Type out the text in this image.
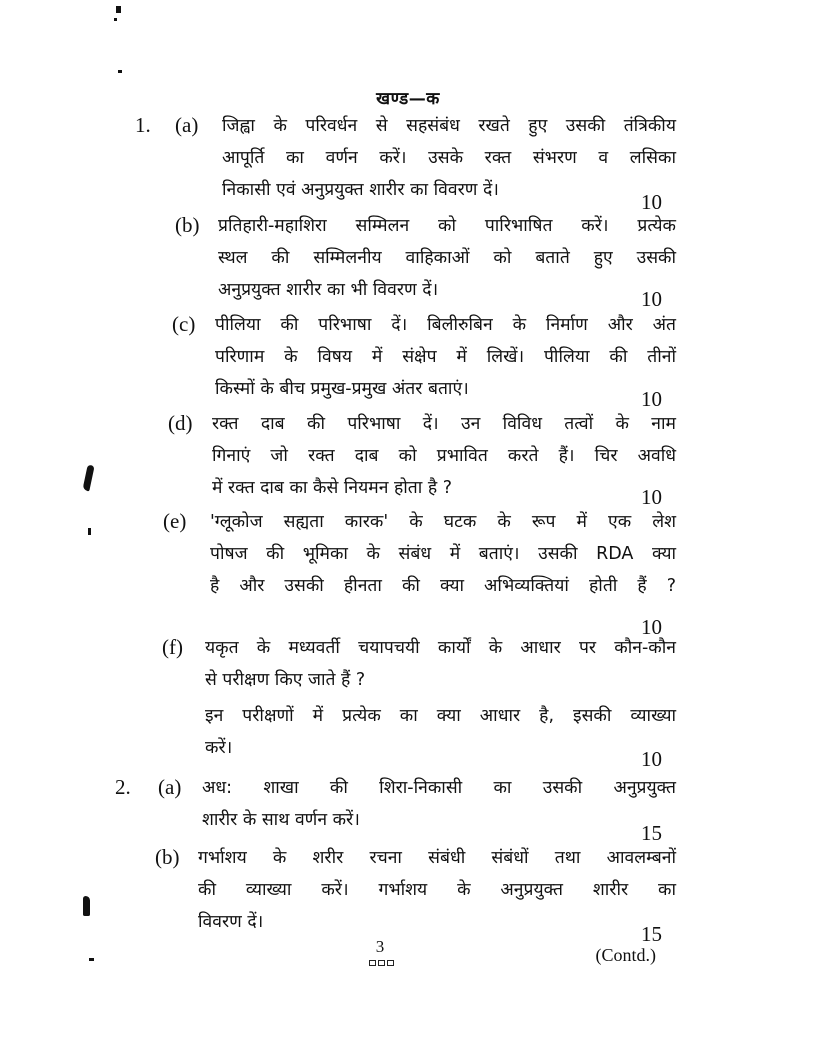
खण्ड—क
1. (a) जिह्वा के परिवर्धन से सहसंबंध रखते हुए उसकी तंत्रिकीय
आपूर्ति का वर्णन करें। उसके रक्त संभरण व लसिका
निकासी एवं अनुप्रयुक्त शारीर का विवरण दें।	10
(b) प्रतिहारी-महाशिरा सम्मिलन को पारिभाषित करें। प्रत्येक
स्थल की सम्मिलनीय वाहिकाओं को बताते हुए उसकी
अनुप्रयुक्त शारीर का भी विवरण दें।	10
(c) पीलिया की परिभाषा दें। बिलीरुबिन के निर्माण और अंत
परिणाम के विषय में संक्षेप में लिखें। पीलिया की तीनों
किस्मों के बीच प्रमुख-प्रमुख अंतर बताएं।	10
(d) रक्त दाब की परिभाषा दें। उन विविध तत्वों के नाम
गिनाएं जो रक्त दाब को प्रभावित करते हैं। चिर अवधि
में रक्त दाब का कैसे नियमन होता है ?	10
(e) 'ग्लूकोज सह्यता कारक' के घटक के रूप में एक लेश
पोषज की भूमिका के संबंध में बताएं। उसकी RDA क्या
है और उसकी हीनता की क्या अभिव्यक्तियां होती हैं ?
10
(f) यकृत के मध्यवर्ती चयापचयी कार्यों के आधार पर कौन-कौन
से परीक्षण किए जाते हैं ?
इन परीक्षणों में प्रत्येक का क्या आधार है, इसकी व्याख्या
करें।	10
2. (a) अध: शाखा की शिरा-निकासी का उसकी अनुप्रयुक्त
शारीर के साथ वर्णन करें।
15
(b) गर्भाशय के शरीर रचना संबंधी संबंधों तथा आवलम्बनों
की व्याख्या करें। गर्भाशय के अनुप्रयुक्त शारीर का
विवरण दें।	15
3	(Contd.)
